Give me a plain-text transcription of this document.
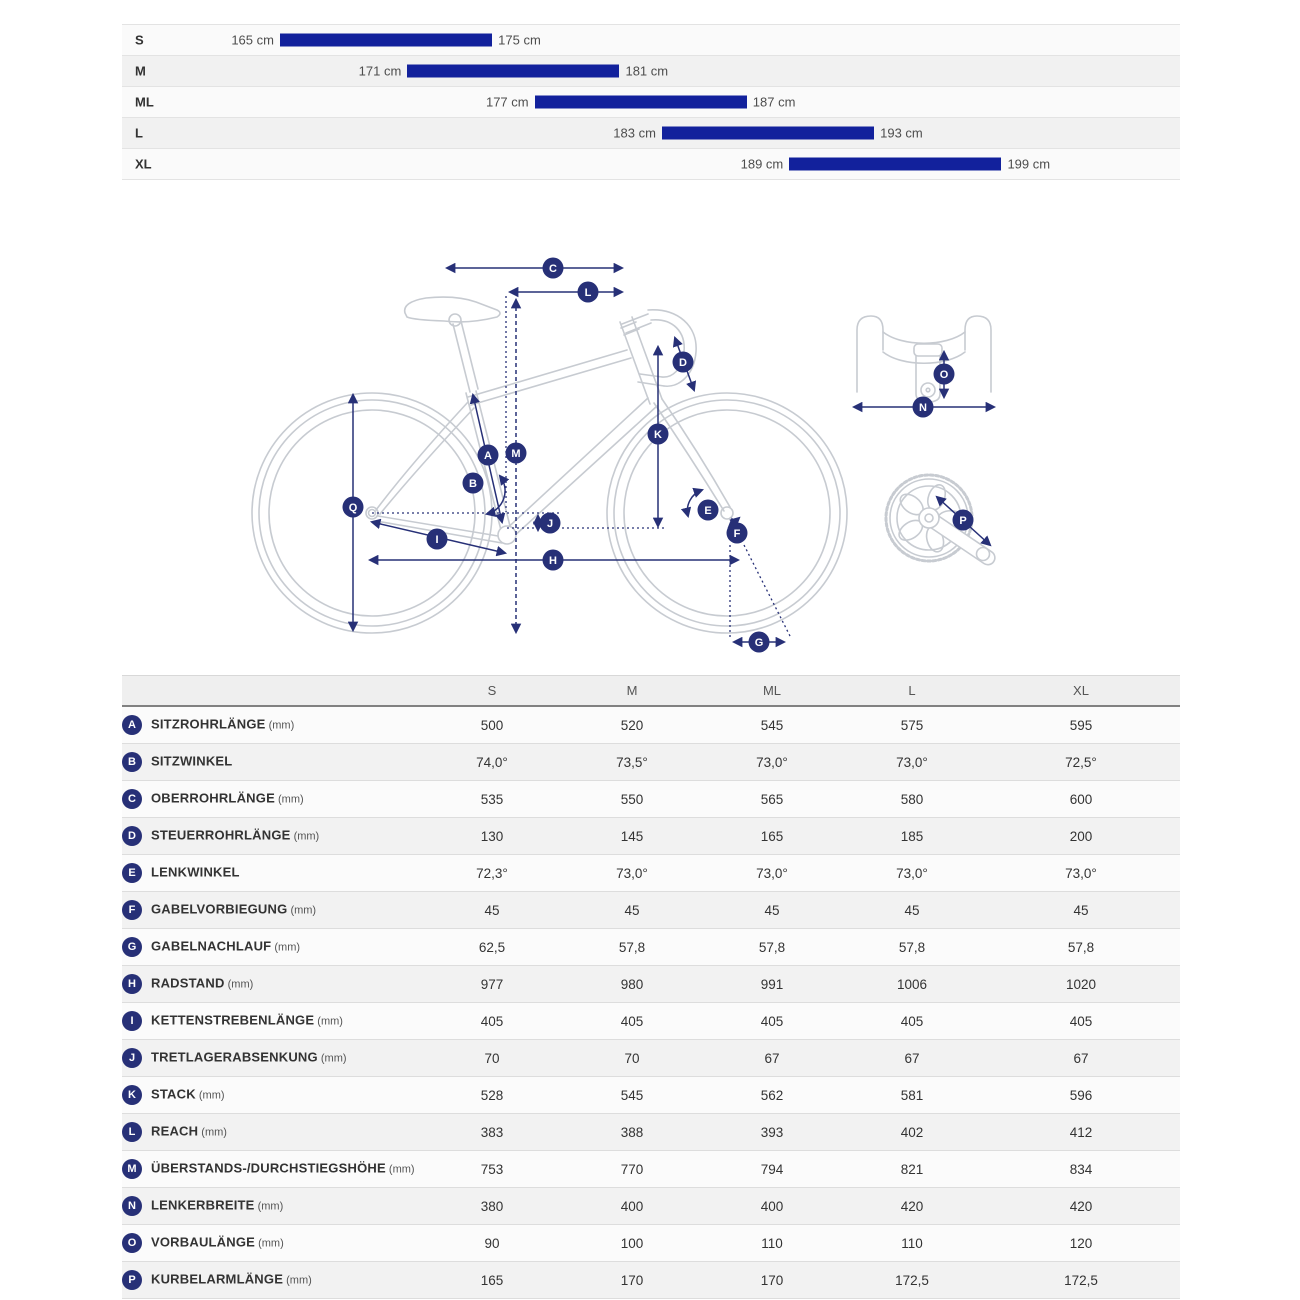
S	165 cm	175 cm
M	171 cm	181 cm
ML	177 cm	187 cm
L	183 cm	193 cm
XL	189 cm	199 cm
A
B
C
D
E
F
G
H
I
J
K
L
M
N
O
P
Q
	S	M	ML	L	XL
A SITZROHRLÄNGE (mm)	500	520	545	575	595
B SITZWINKEL	74,0°	73,5°	73,0°	73,0°	72,5°
C OBERROHRLÄNGE (mm)	535	550	565	580	600
D STEUERROHRLÄNGE (mm)	130	145	165	185	200
E LENKWINKEL	72,3°	73,0°	73,0°	73,0°	73,0°
F GABELVORBIEGUNG (mm)	45	45	45	45	45
G GABELNACHLAUF (mm)	62,5	57,8	57,8	57,8	57,8
H RADSTAND (mm)	977	980	991	1006	1020
I KETTENSTREBENLÄNGE (mm)	405	405	405	405	405
J TRETLAGERABSENKUNG (mm)	70	70	67	67	67
K STACK (mm)	528	545	562	581	596
L REACH (mm)	383	388	393	402	412
M ÜBERSTANDS-/DURCHSTIEGSHÖHE (mm)	753	770	794	821	834
N LENKERBREITE (mm)	380	400	400	420	420
O VORBAULÄNGE (mm)	90	100	110	110	120
P KURBELARMLÄNGE (mm)	165	170	170	172,5	172,5
